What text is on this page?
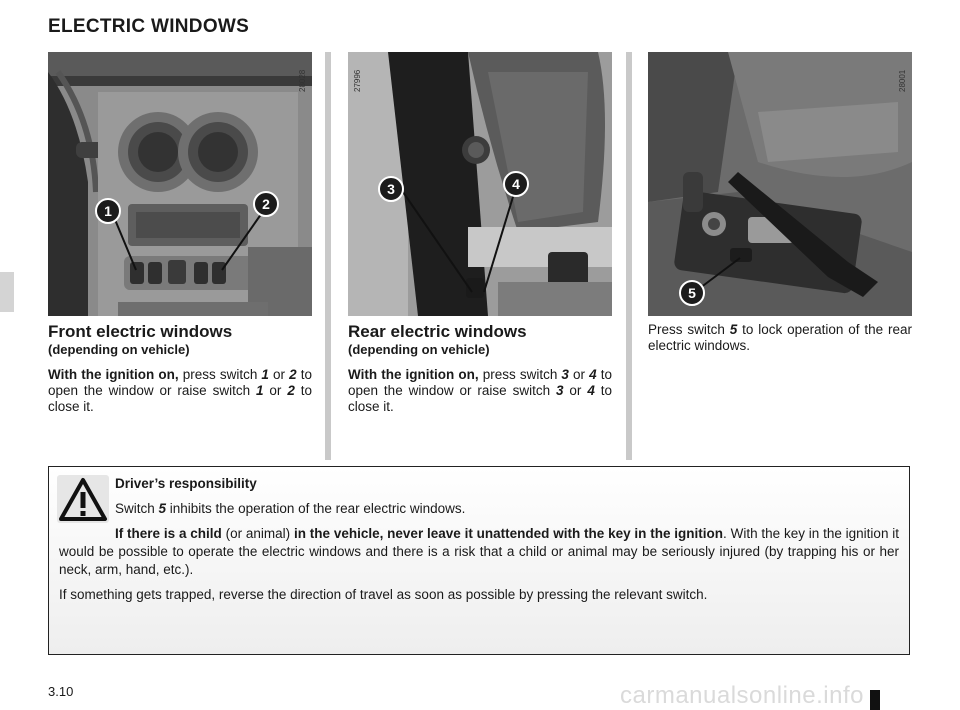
ELECTRIC WINDOWS
28028
1	2
27996
3	4
28001
5
Front electric windows
(depending on vehicle)

With the ignition on, press switch 1 or 2 to open the window or raise switch 1 or 2 to close it.

Rear electric windows
(depending on vehicle)

With the ignition on, press switch 3 or 4 to open the window or raise switch 3 or 4 to close it.

Press switch 5 to lock operation of the rear electric windows.

Driver’s responsibility

Switch 5 inhibits the operation of the rear electric windows.

If there is a child (or animal) in the vehicle, never leave it unattended with the key in the ignition. With the key in the ignition it would be possible to operate the electric windows and there is a risk that a child or animal may be seriously injured (by trapping his or her neck, arm, hand, etc.).

If something gets trapped, reverse the direction of travel as soon as possible by pressing the relevant switch.

3.10	carmanualsonline.info
